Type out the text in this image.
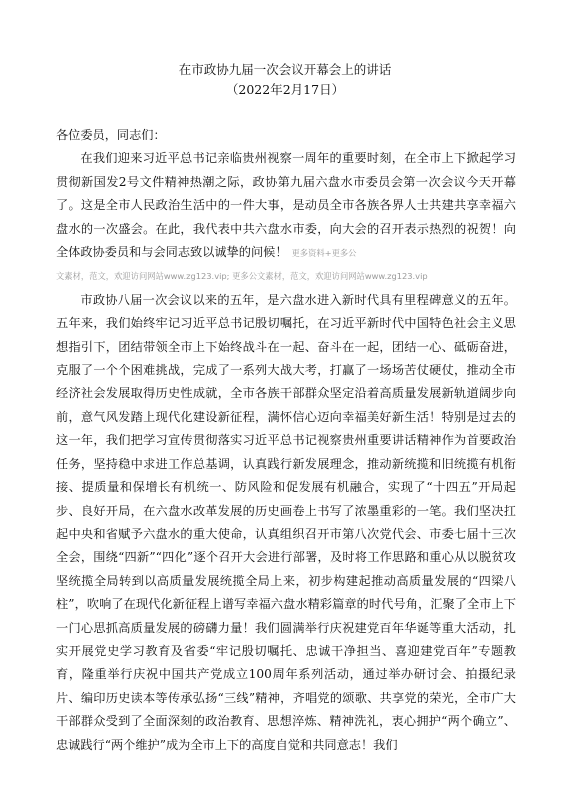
在市政协九届一次会议开幕会上的讲话
（2022年2月17日）

各位委员，同志们：

在我们迎来习近平总书记亲临贵州视察一周年的重要时刻，在全市上下掀起学习贯彻新国发2号文件精神热潮之际，政协第九届六盘水市委员会第一次会议今天开幕了。这是全市人民政治生活中的一件大事，是动员全市各族各界人士共建共享幸福六盘水的一次盛会。在此，我代表中共六盘水市委，向大会的召开表示热烈的祝贺！向全体政协委员和与会同志致以诚挚的问候！ 更多资料+更多公

文素材，范文，欢迎访问网站www.zg123.vip; 更多公文素材，范文，欢迎访问网站www.zg123.vip

市政协八届一次会议以来的五年，是六盘水进入新时代具有里程碑意义的五年。五年来，我们始终牢记习近平总书记殷切嘱托，在习近平新时代中国特色社会主义思想指引下，团结带领全市上下始终战斗在一起、奋斗在一起，团结一心、砥砺奋进，克服了一个个困难挑战，完成了一系列大战大考，打赢了一场场苦仗硬仗，推动全市经济社会发展取得历史性成就，全市各族干部群众坚定沿着高质量发展新轨道阔步向前，意气风发踏上现代化建设新征程，满怀信心迈向幸福美好新生活！特别是过去的这一年，我们把学习宣传贯彻落实习近平总书记视察贵州重要讲话精神作为首要政治任务，坚持稳中求进工作总基调，认真践行新发展理念，推动新统揽和旧统揽有机衔接、提质量和保增长有机统一、防风险和促发展有机融合，实现了“十四五”开局起步、良好开局，在六盘水改革发展的历史画卷上书写了浓墨重彩的一笔。我们坚决扛起中央和省赋予六盘水的重大使命，认真组织召开市第八次党代会、市委七届十三次全会，围绕“四新”“四化”逐个召开大会进行部署，及时将工作思路和重心从以脱贫攻坚统揽全局转到以高质量发展统揽全局上来，初步构建起推动高质量发展的“四梁八柱”，吹响了在现代化新征程上谱写幸福六盘水精彩篇章的时代号角，汇聚了全市上下一门心思抓高质量发展的磅礴力量！我们圆满举行庆祝建党百年华诞等重大活动，扎实开展党史学习教育及省委“牢记殷切嘱托、忠诚干净担当、喜迎建党百年”专题教育，隆重举行庆祝中国共产党成立100周年系列活动，通过举办研讨会、拍摄纪录片、编印历史读本等传承弘扬“三线”精神，齐唱党的颂歌、共享党的荣光，全市广大干部群众受到了全面深刻的政治教育、思想淬炼、精神洗礼，衷心拥护“两个确立”、忠诚践行“两个维护”成为全市上下的高度自觉和共同意志！我们
